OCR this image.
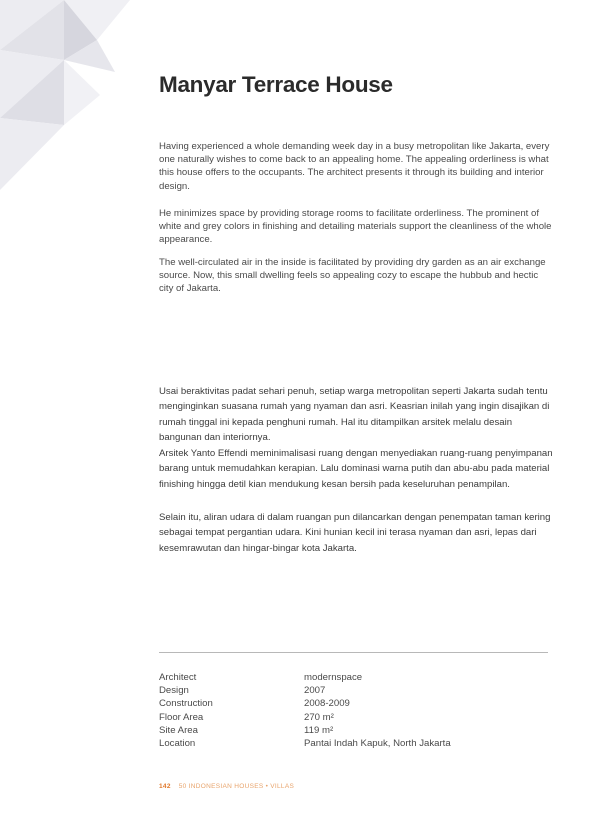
Manyar Terrace House

Having experienced a whole demanding week day in a busy metropolitan like Jakarta, every one naturally wishes to come back to an appealing home. The appealing orderliness is what this house offers to the occupants. The architect presents it through its building and interior design.

He minimizes space by providing storage rooms to facilitate orderliness. The prominent of white and grey colors in finishing and detailing materials support the cleanliness of the whole appearance.

The well-circulated air in the inside is facilitated by providing dry garden as an air exchange source. Now, this small dwelling feels so appealing cozy to escape the hubbub and hectic city of Jakarta.

Usai beraktivitas padat sehari penuh, setiap warga metropolitan seperti Jakarta sudah tentu menginginkan suasana rumah yang nyaman dan asri. Keasrian inilah yang ingin disajikan di rumah tinggal ini kepada penghuni rumah. Hal itu ditampilkan arsitek melalu desain bangunan dan interiornya.

Arsitek Yanto Effendi meminimalisasi ruang dengan menyediakan ruang-ruang penyimpanan barang untuk memudahkan kerapian. Lalu dominasi warna putih dan abu-abu pada material finishing hingga detil kian mendukung kesan bersih pada keseluruhan penampilan.

Selain itu, aliran udara di dalam ruangan pun dilancarkan dengan penempatan taman kering sebagai tempat pergantian udara. Kini hunian kecil ini terasa nyaman dan asri, lepas dari kesemrawutan dan hingar-bingar kota Jakarta.

Architect	modernspace
Design	2007
Construction	2008-2009
Floor Area	270 m²
Site Area	119 m²
Location	Pantai Indah Kapuk, North Jakarta
142 50 INDONESIAN HOUSES • VILLAS
